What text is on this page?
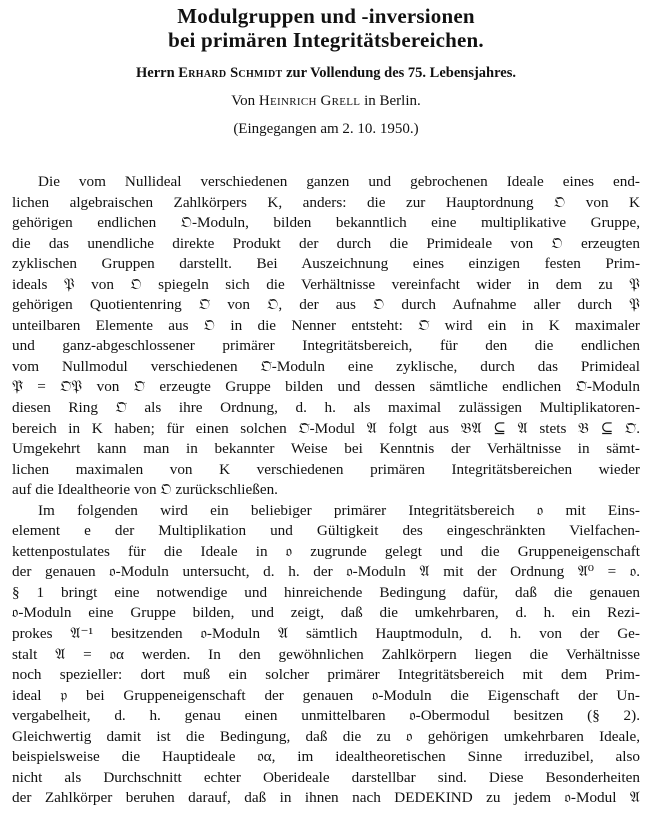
Modulgruppen und -inversionen
bei primären Integritätsbereichen.

Herrn Erhard Schmidt zur Vollendung des 75. Lebensjahres.

Von Heinrich Grell in Berlin.

(Eingegangen am 2. 10. 1950.)

Die vom Nullideal verschiedenen ganzen und gebrochenen Ideale eines end-
lichen algebraischen Zahlkörpers K, anders: die zur Hauptordnung 𝔒 von K
gehörigen endlichen 𝔒-Moduln, bilden bekanntlich eine multiplikative Gruppe,
die das unendliche direkte Produkt der durch die Primideale von 𝔒 erzeugten
zyklischen Gruppen darstellt. Bei Auszeichnung eines einzigen festen Prim-
ideals 𝔓 von 𝔒 spiegeln sich die Verhältnisse vereinfacht wider in dem zu 𝔓
gehörigen Quotientenring 𝔒̃ von 𝔒, der aus 𝔒 durch Aufnahme aller durch 𝔓
unteilbaren Elemente aus 𝔒 in die Nenner entsteht: 𝔒̃ wird ein in K maximaler
und ganz-abgeschlossener primärer Integritätsbereich, für den die endlichen
vom Nullmodul verschiedenen 𝔒̃-Moduln eine zyklische, durch das Primideal
𝔓̃ = 𝔒̃𝔓 von 𝔒̃ erzeugte Gruppe bilden und dessen sämtliche endlichen 𝔒̃-Moduln
diesen Ring 𝔒̃ als ihre Ordnung, d. h. als maximal zulässigen Multiplikatoren-
bereich in K haben; für einen solchen 𝔒̃-Modul 𝔄 folgt aus 𝔅𝔄 ⊆ 𝔄 stets 𝔅 ⊆ 𝔒̃.
Umgekehrt kann man in bekannter Weise bei Kenntnis der Verhältnisse in sämt-
lichen maximalen von K verschiedenen primären Integritätsbereichen wieder
auf die Idealtheorie von 𝔒 zurückschließen.
Im folgenden wird ein beliebiger primärer Integritätsbereich 𝔬 mit Eins-
element e der Multiplikation und Gültigkeit des eingeschränkten Vielfachen-
kettenpostulates für die Ideale in 𝔬 zugrunde gelegt und die Gruppeneigenschaft
der genauen 𝔬-Moduln untersucht, d. h. der 𝔬-Moduln 𝔄 mit der Ordnung 𝔄⁰ = 𝔬.
§ 1 bringt eine notwendige und hinreichende Bedingung dafür, daß die genauen
𝔬-Moduln eine Gruppe bilden, und zeigt, daß die umkehrbaren, d. h. ein Rezi-
prokes 𝔄⁻¹ besitzenden 𝔬-Moduln 𝔄 sämtlich Hauptmoduln, d. h. von der Ge-
stalt 𝔄 = 𝔬α werden. In den gewöhnlichen Zahlkörpern liegen die Verhältnisse
noch spezieller: dort muß ein solcher primärer Integritätsbereich mit dem Prim-
ideal 𝔭 bei Gruppeneigenschaft der genauen 𝔬-Moduln die Eigenschaft der Un-
vergabelheit, d. h. genau einen unmittelbaren 𝔬-Obermodul besitzen (§ 2).
Gleichwertig damit ist die Bedingung, daß die zu 𝔬 gehörigen umkehrbaren Ideale,
beispielsweise die Hauptideale 𝔬α, im idealtheoretischen Sinne irreduzibel, also
nicht als Durchschnitt echter Oberideale darstellbar sind. Diese Besonderheiten
der Zahlkörper beruhen darauf, daß in ihnen nach DEDEKIND zu jedem 𝔬-Modul 𝔄
